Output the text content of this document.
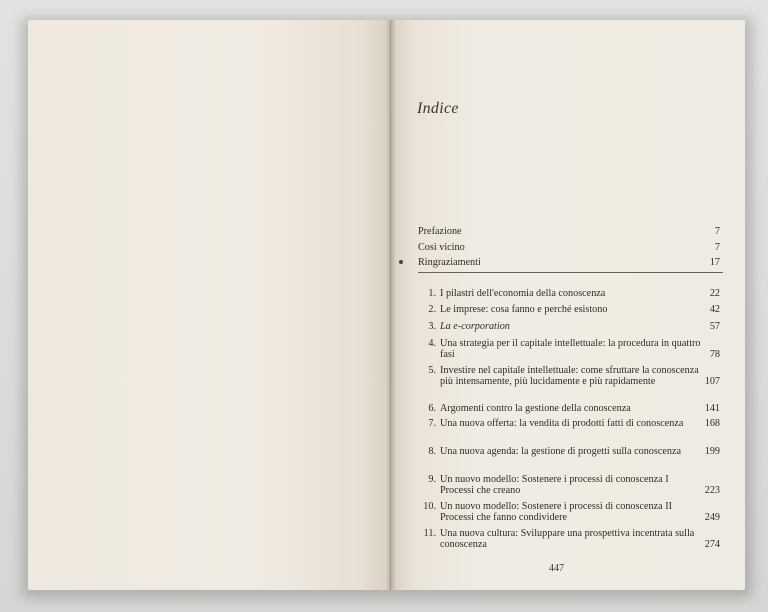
Indice
Prefazione	7
Così vicino	7
Ringraziamenti	17
1. I pilastri dell'economia della conoscenza	22
2. Le imprese: cosa fanno e perché esistono	42
3. La e-corporation	57
4. Una strategia per il capitale intellettuale: la procedura in quattro fasi	78
5. Investire nel capitale intellettuale: come sfruttare la conoscenza più intensamente, più lucidamente e più rapidamente	107
6. Argomenti contro la gestione della conoscenza	141
7. Una nuova offerta: la vendita di prodotti fatti di conoscenza	168
8. Una nuova agenda: la gestione di progetti sulla conoscenza	199
9. Un nuovo modello: Sostenere i processi di conoscenza I Processi che creano	223
10. Un nuovo modello: Sostenere i processi di conoscenza II Processi che fanno condividere	249
11. Una nuova cultura: Sviluppare una prospettiva incentrata sulla conoscenza	274
447
